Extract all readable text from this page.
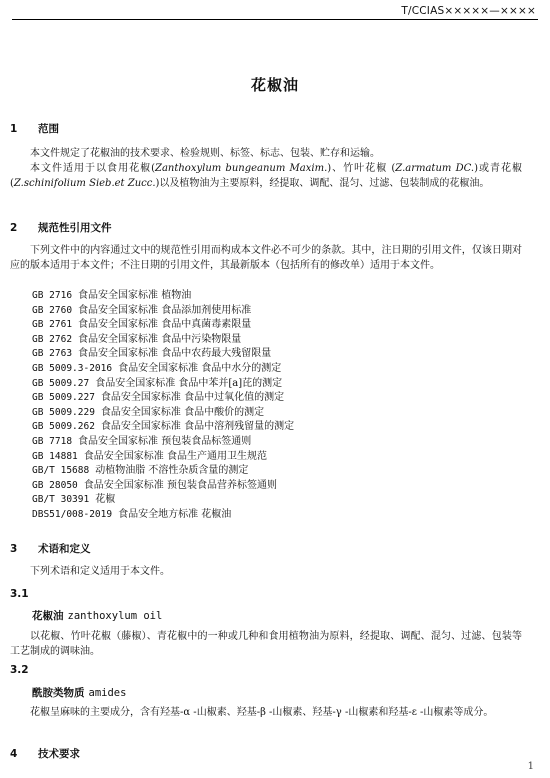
T/CCIAS×××××—××××
花椒油
1 范围
本文件规定了花椒油的技术要求、检验规则、标签、标志、包装、贮存和运输。
本文件适用于以食用花椒(Zanthoxylum bungeanum Maxim.)、竹叶花椒 (Z.armatum DC.)或青花椒(Z.schinifolium Sieb.et Zucc.)以及植物油为主要原料，经提取、调配、混匀、过滤、包装制成的花椒油。
2 规范性引用文件
下列文件中的内容通过文中的规范性引用而构成本文件必不可少的条款。其中，注日期的引用文件，仅该日期对应的版本适用于本文件；不注日期的引用文件，其最新版本（包括所有的修改单）适用于本文件。
GB 2716 食品安全国家标准 植物油
GB 2760 食品安全国家标准 食品添加剂使用标准
GB 2761 食品安全国家标准 食品中真菌毒素限量
GB 2762 食品安全国家标准 食品中污染物限量
GB 2763 食品安全国家标准 食品中农药最大残留限量
GB 5009.3-2016 食品安全国家标准 食品中水分的测定
GB 5009.27 食品安全国家标准 食品中苯并[a]芘的测定
GB 5009.227 食品安全国家标准 食品中过氧化值的测定
GB 5009.229 食品安全国家标准 食品中酸价的测定
GB 5009.262 食品安全国家标准 食品中溶剂残留量的测定
GB 7718 食品安全国家标准 预包装食品标签通则
GB 14881 食品安全国家标准 食品生产通用卫生规范
GB/T 15688 动植物油脂 不溶性杂质含量的测定
GB 28050 食品安全国家标准 预包装食品营养标签通则
GB/T 30391 花椒
DBS51/008-2019 食品安全地方标准 花椒油
3 术语和定义
下列术语和定义适用于本文件。
3.1
花椒油 zanthoxylum oil
以花椒、竹叶花椒（藤椒）、青花椒中的一种或几种和食用植物油为原料，经提取、调配、混匀、过滤、包装等工艺制成的调味油。
3.2
酰胺类物质 amides
花椒呈麻味的主要成分，含有羟基-α -山椒素、羟基-β -山椒素、羟基-γ -山椒素和羟基-ε -山椒素等成分。
4 技术要求
1
